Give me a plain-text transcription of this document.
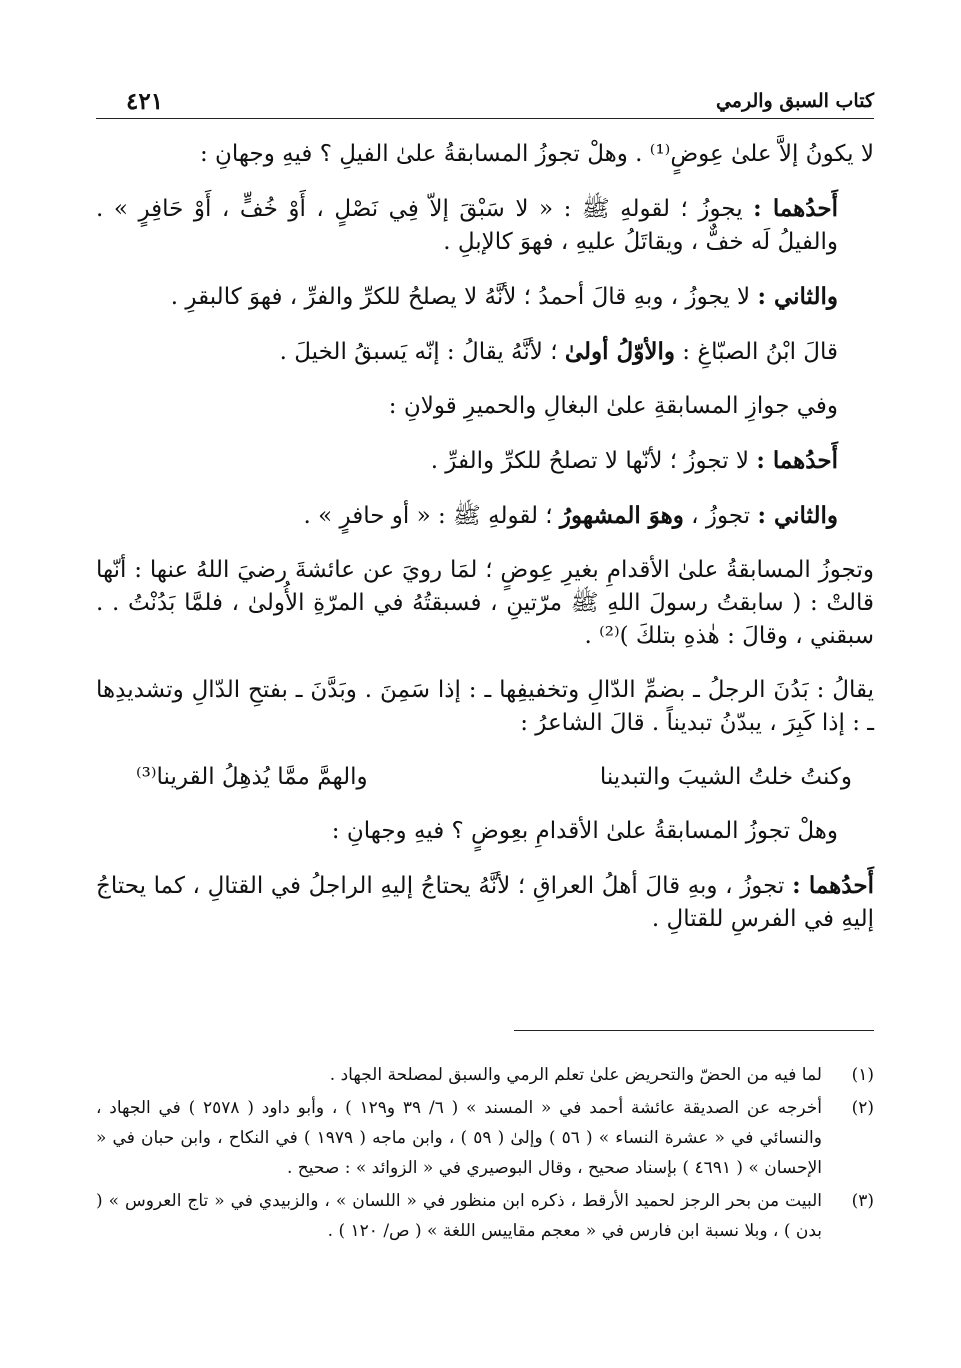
كتاب السبق والرمي
٤٢١

لا يكونُ إلاَّ علىٰ عِوضٍ⁽¹⁾ . وهلْ تجوزُ المسابقةُ علىٰ الفيلِ ؟ فيهِ وجهانِ :

أَحدُهما : يجوزُ ؛ لقولهِ ﷺ : « لا سَبْقَ إلاّ فِي نَصْلٍ ، أَوْ خُفٍّ ، أَوْ حَافِرٍ » . والفيلُ لَه خفٌّ ، ويقاتَلُ عليهِ ، فهوَ كالإبلِ .

والثاني : لا يجوزُ ، وبهِ قالَ أحمدُ ؛ لأنَّهُ لا يصلحُ للكرِّ والفرِّ ، فهوَ كالبقرِ .

قالَ ابْنُ الصبّاغِ : والأوّلُ أولىٰ ؛ لأنَّهُ يقالُ : إنّه يَسبقُ الخيلَ .

وفي جوازِ المسابقةِ علىٰ البغالِ والحميرِ قولانِ :

أَحدُهما : لا تجوزُ ؛ لأنّها لا تصلحُ للكرِّ والفرِّ .

والثاني : تجوزُ ، وهوَ المشهورُ ؛ لقولهِ ﷺ : « أو حافرٍ » .

وتجوزُ المسابقةُ علىٰ الأقدامِ بغيرِ عِوضٍ ؛ لمَا رويَ عن عائشةَ رضيَ اللهُ عنها : أنّها قالتْ : ( سابقتُ رسولَ اللهِ ﷺ مرّتينِ ، فسبقتُهُ في المرّةِ الأُولىٰ ، فلمَّا بَدُنْتُ . . سبقني ، وقالَ : هٰذهِ بتلكَ )⁽²⁾ .

يقالُ : بَدُنَ الرجلُ ـ بضمِّ الدّالِ وتخفيفِها ـ : إذا سَمِنَ . وبَدَّنَ ـ بفتحِ الدّالِ وتشديدِها ـ : إذا كَبِرَ ، يبدّنُ تبديناً . قالَ الشاعرُ :

وكنتُ خلتُ الشيبَ والتبدينا
والهمَّ ممَّا يُذهِلُ القرينا⁽³⁾

وهلْ تجوزُ المسابقةُ علىٰ الأقدامِ بعِوضٍ ؟ فيهِ وجهانِ :

أَحدُهما : تجوزُ ، وبهِ قالَ أهلُ العراقِ ؛ لأنَّهُ يحتاجُ إليهِ الراجلُ في القتالِ ، كما يحتاجُ إليهِ في الفرسِ للقتالِ .

(١)
لما فيه من الحضّ والتحريض علىٰ تعلم الرمي والسبق لمصلحة الجهاد .
(٢)
أخرجه عن الصديقة عائشة أحمد في « المسند » ( ٦/ ٣٩ و١٢٩ ) ، وأبو داود ( ٢٥٧٨ ) في الجهاد ، والنسائي في « عشرة النساء » ( ٥٦ ) وإلىٰ ( ٥٩ ) ، وابن ماجه ( ١٩٧٩ ) في النكاح ، وابن حبان في « الإحسان » ( ٤٦٩١ ) بإسناد صحيح ، وقال البوصيري في « الزوائد » : صحيح .
(٣)
البيت من بحر الرجز لحميد الأرقط ، ذكره ابن منظور في « اللسان » ، والزبيدي في « تاج العروس » ( بدن ) ، وبلا نسبة ابن فارس في « معجم مقاييس اللغة » ( ص/ ١٢٠ ) .
